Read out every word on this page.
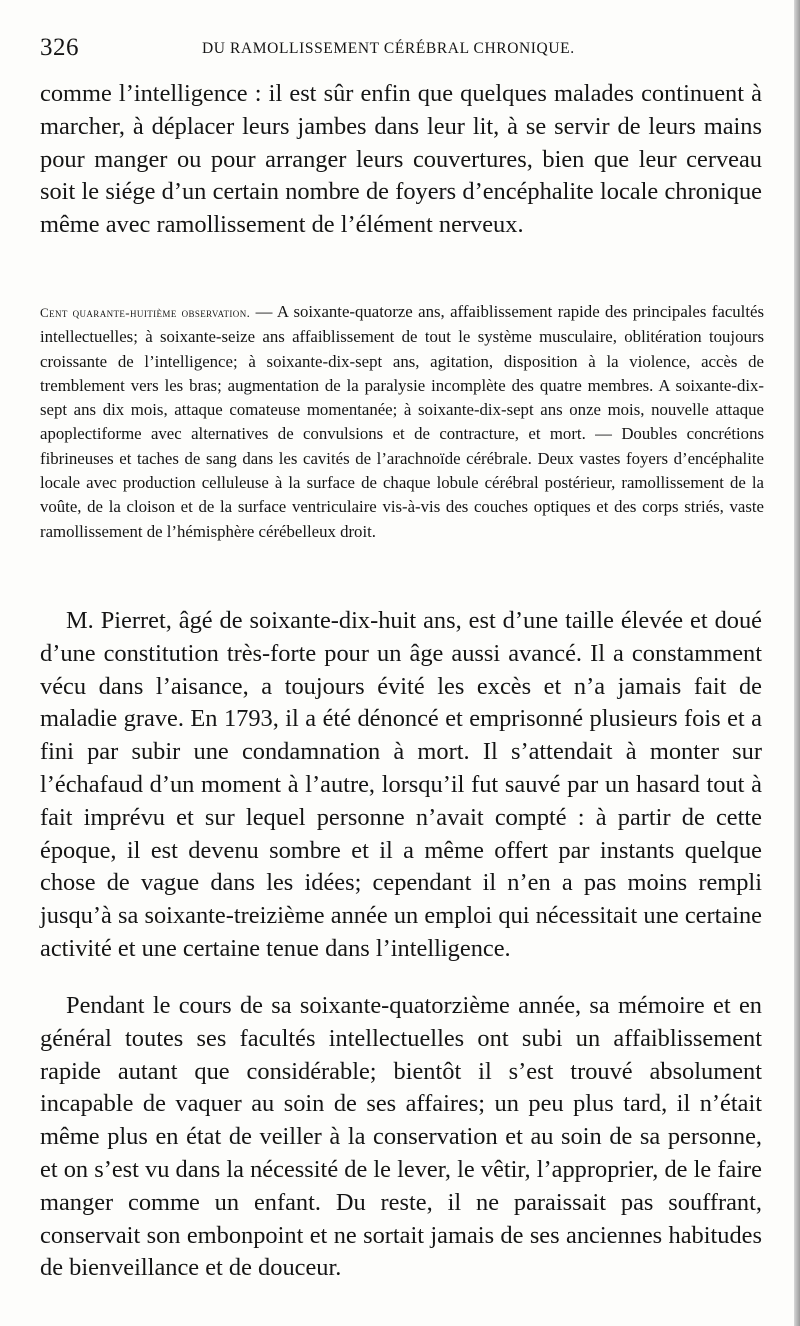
326	DU RAMOLLISSEMENT CÉRÉBRAL CHRONIQUE.

comme l’intelligence : il est sûr enfin que quelques malades continuent à marcher, à déplacer leurs jambes dans leur lit, à se servir de leurs mains pour manger ou pour arranger leurs couvertures, bien que leur cerveau soit le siége d’un certain nombre de foyers d’encéphalite locale chronique même avec ramollissement de l’élément nerveux.

Cent quarante-huitième observation. — A soixante-quatorze ans, affaiblissement rapide des principales facultés intellectuelles; à soixante-seize ans affaiblissement de tout le système musculaire, oblitération toujours croissante de l’intelligence; à soixante-dix-sept ans, agitation, disposition à la violence, accès de tremblement vers les bras; augmentation de la paralysie incomplète des quatre membres. A soixante-dix-sept ans dix mois, attaque comateuse momentanée; à soixante-dix-sept ans onze mois, nouvelle attaque apoplectiforme avec alternatives de convulsions et de contracture, et mort. — Doubles concrétions fibrineuses et taches de sang dans les cavités de l’arachnoïde cérébrale. Deux vastes foyers d’encéphalite locale avec production celluleuse à la surface de chaque lobule cérébral postérieur, ramollissement de la voûte, de la cloison et de la surface ventriculaire vis-à-vis des couches optiques et des corps striés, vaste ramollissement de l’hémisphère cérébelleux droit.

M. Pierret, âgé de soixante-dix-huit ans, est d’une taille élevée et doué d’une constitution très-forte pour un âge aussi avancé. Il a constamment vécu dans l’aisance, a toujours évité les excès et n’a jamais fait de maladie grave. En 1793, il a été dénoncé et emprisonné plusieurs fois et a fini par subir une condamnation à mort. Il s’attendait à monter sur l’échafaud d’un moment à l’autre, lorsqu’il fut sauvé par un hasard tout à fait imprévu et sur lequel personne n’avait compté : à partir de cette époque, il est devenu sombre et il a même offert par instants quelque chose de vague dans les idées; cependant il n’en a pas moins rempli jusqu’à sa soixante-treizième année un emploi qui nécessitait une certaine activité et une certaine tenue dans l’intelligence.

Pendant le cours de sa soixante-quatorzième année, sa mémoire et en général toutes ses facultés intellectuelles ont subi un affaiblissement rapide autant que considérable; bientôt il s’est trouvé absolument incapable de vaquer au soin de ses affaires; un peu plus tard, il n’était même plus en état de veiller à la conservation et au soin de sa personne, et on s’est vu dans la nécessité de le lever, le vêtir, l’approprier, de le faire manger comme un enfant. Du reste, il ne paraissait pas souffrant, conservait son embonpoint et ne sortait jamais de ses anciennes habitudes de bienveillance et de douceur.
